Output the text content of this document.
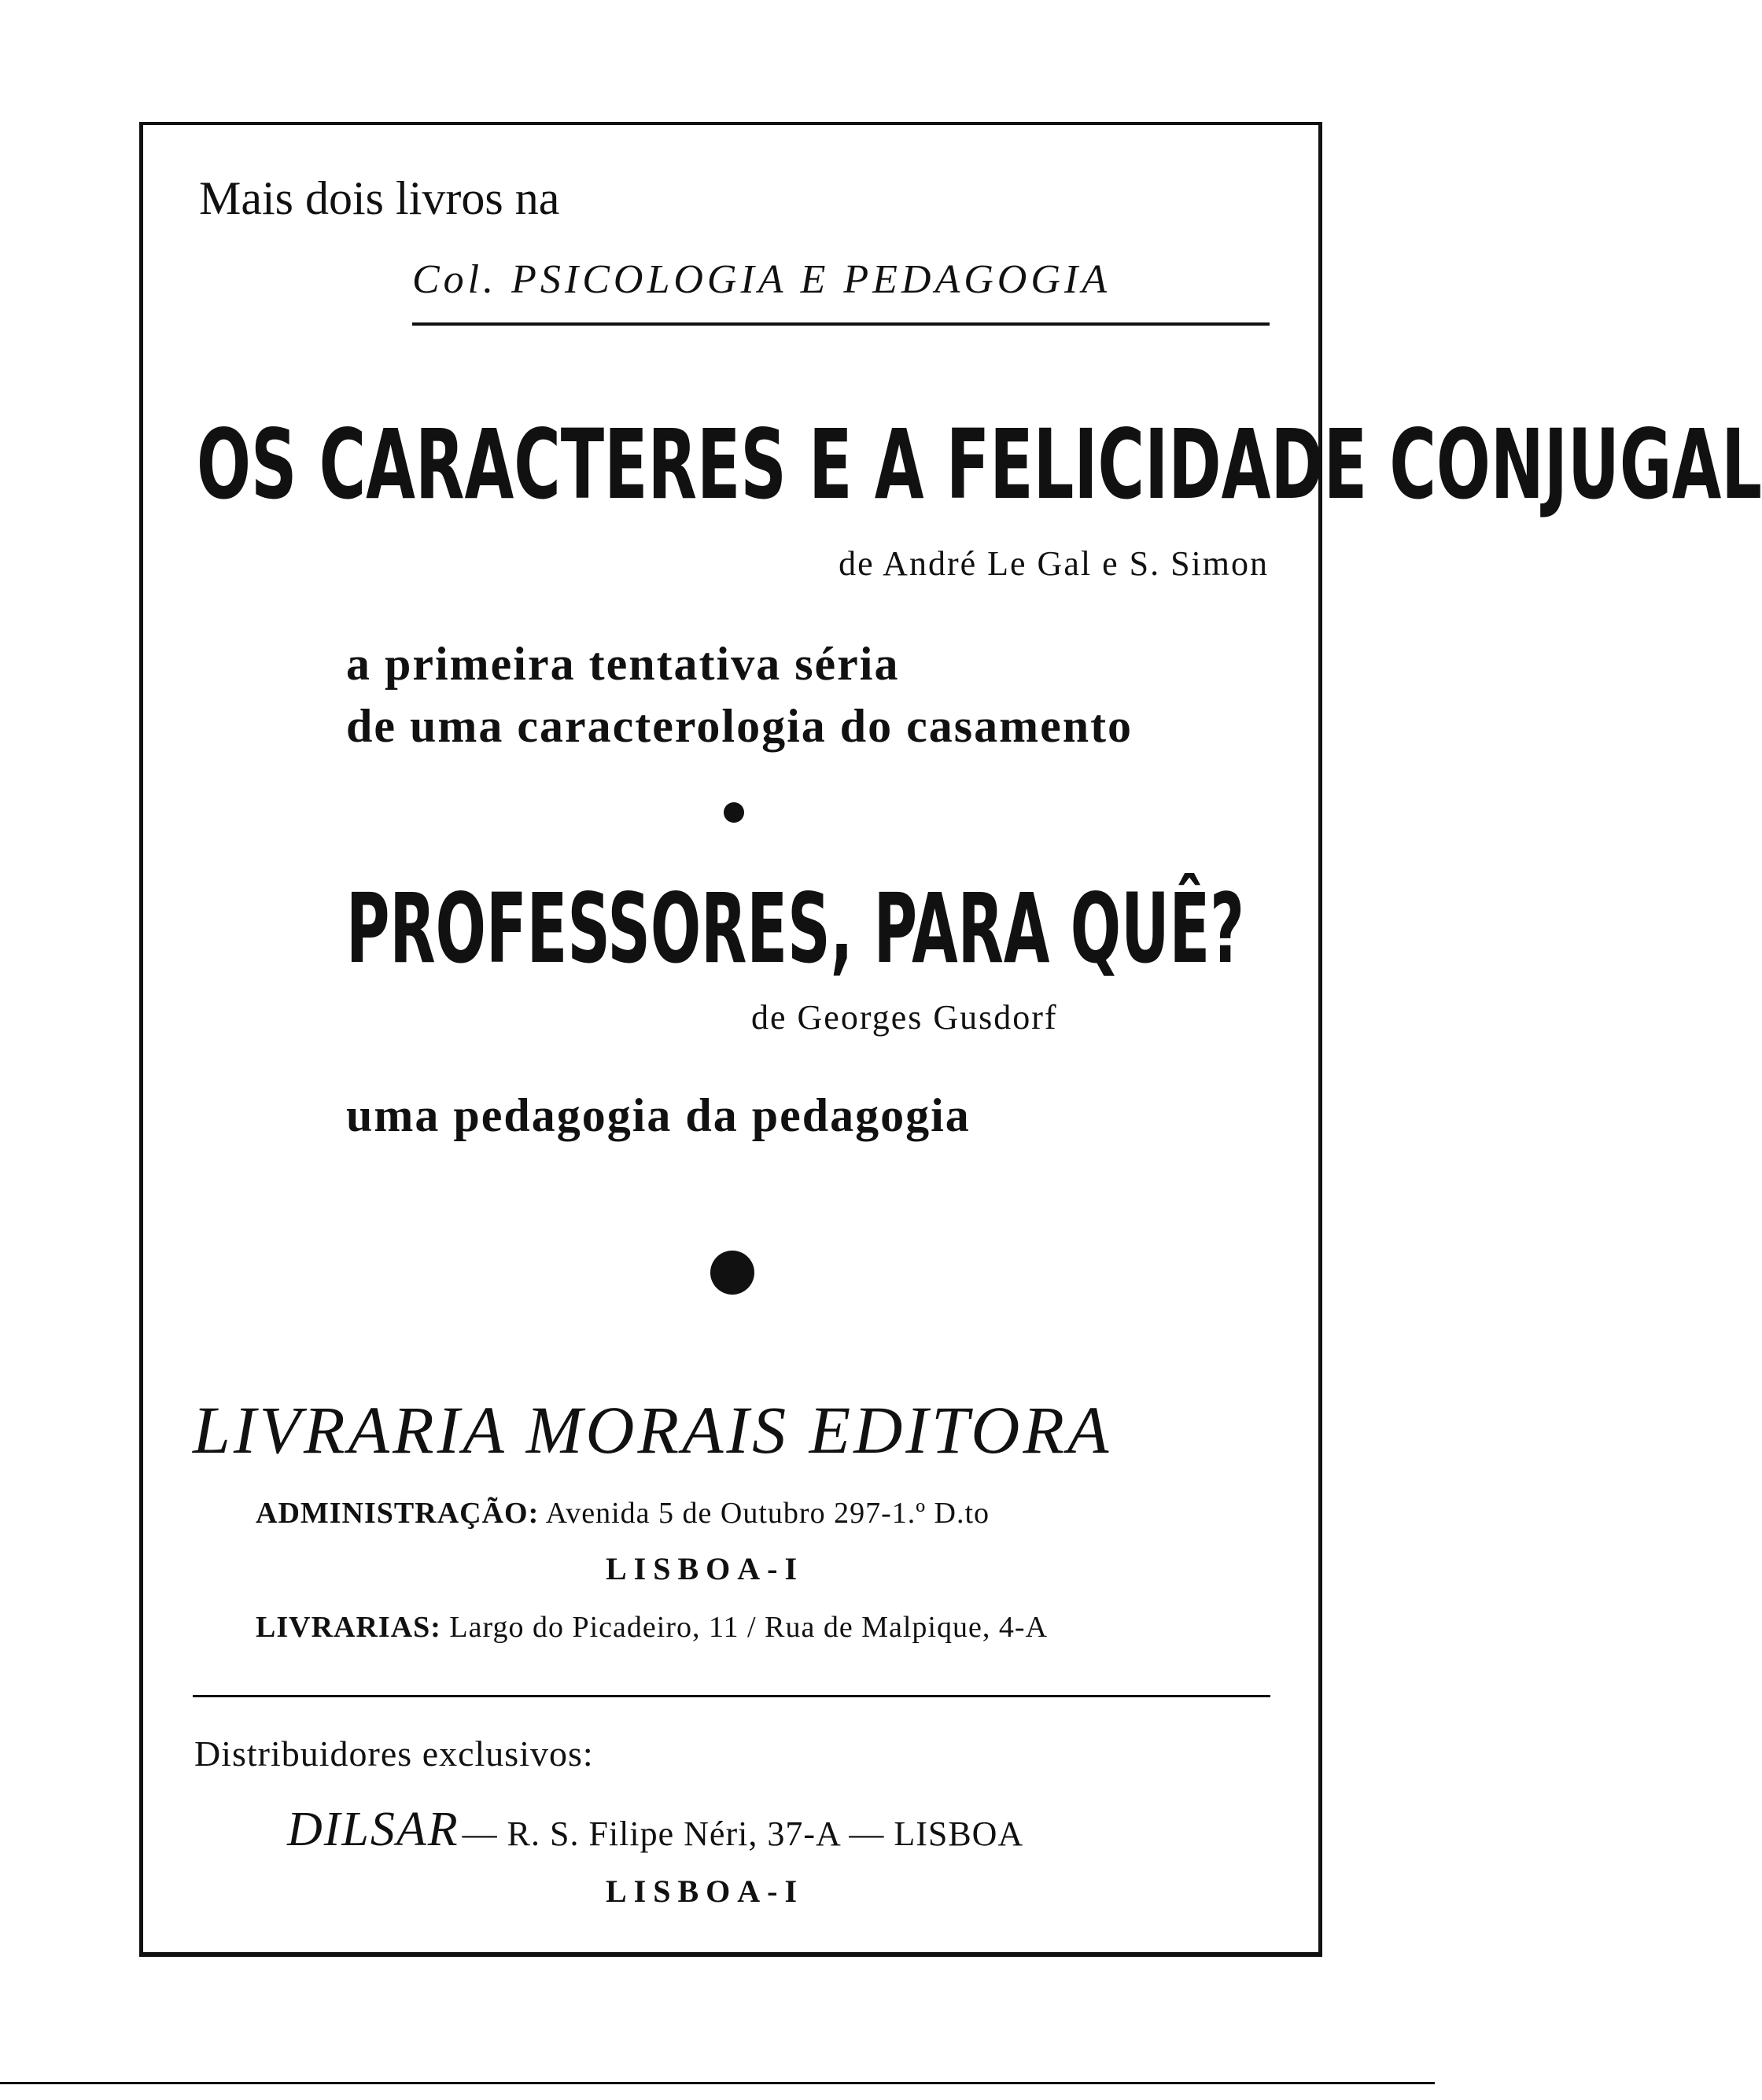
Mais dois livros na
Col. PSICOLOGIA E PEDAGOGIA
OS CARACTERES E A FELICIDADE CONJUGAL
de André Le Gal e S. Simon
a primeira tentativa séria
de uma caracterologia do casamento
PROFESSORES, PARA QUÊ?
de Georges Gusdorf
uma pedagogia da pedagogia
LIVRARIA MORAIS EDITORA
ADMINISTRAÇÃO: Avenida 5 de Outubro 297-1.º D.to
LISBOA-I
LIVRARIAS: Largo do Picadeiro, 11 / Rua de Malpique, 4-A
Distribuidores exclusivos:
DILSAR — R. S. Filipe Néri, 37-A — LISBOA
LISBOA-I
